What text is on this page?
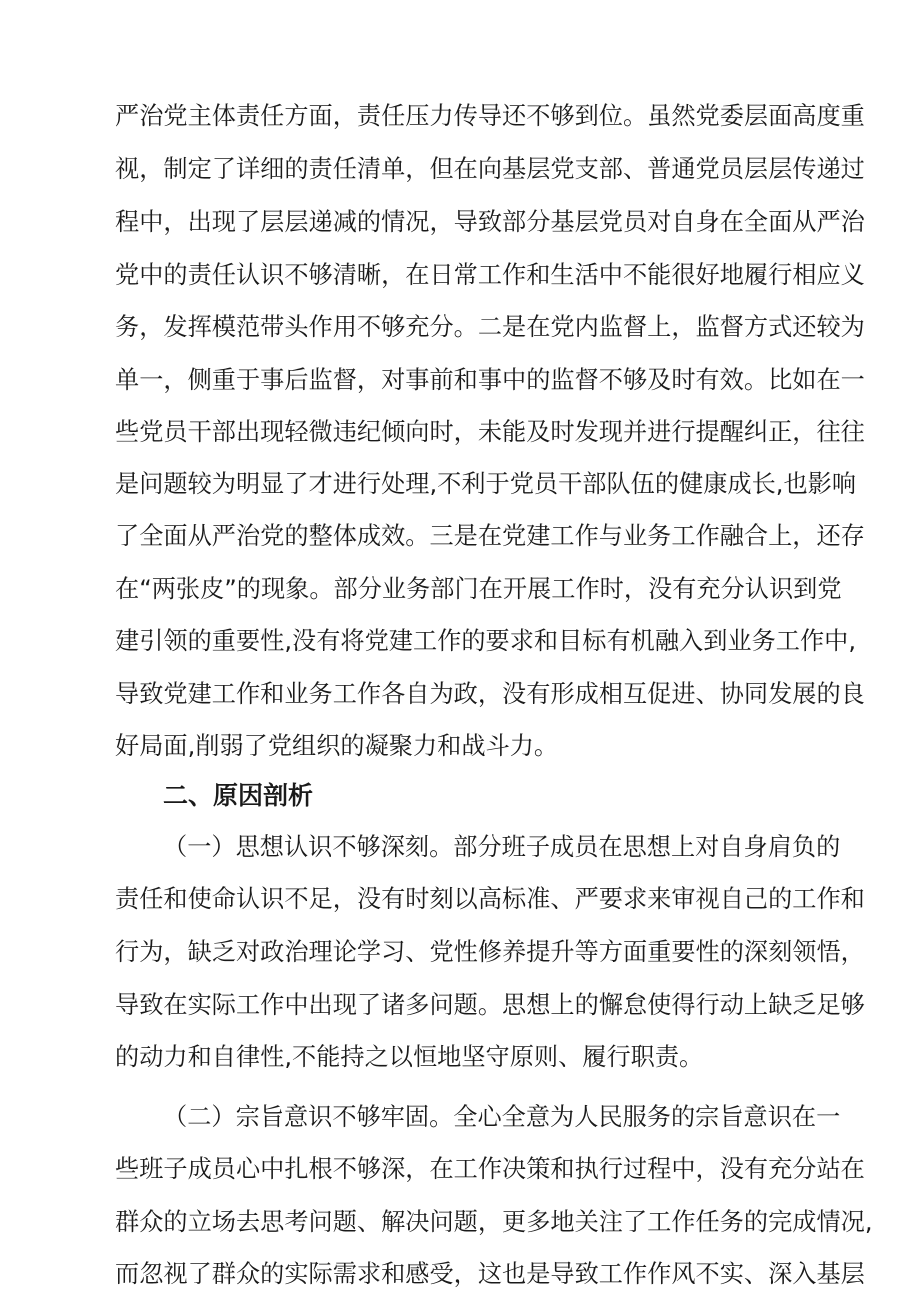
严治党主体责任方面，责任压力传导还不够到位。虽然党委层面高度重
视，制定了详细的责任清单，但在向基层党支部、普通党员层层传递过
程中，出现了层层递减的情况，导致部分基层党员对自身在全面从严治
党中的责任认识不够清晰，在日常工作和生活中不能很好地履行相应义
务，发挥模范带头作用不够充分。二是在党内监督上，监督方式还较为
单一，侧重于事后监督，对事前和事中的监督不够及时有效。比如在一
些党员干部出现轻微违纪倾向时，未能及时发现并进行提醒纠正，往往
是问题较为明显了才进行处理,不利于党员干部队伍的健康成长,也影响
了全面从严治党的整体成效。三是在党建工作与业务工作融合上，还存
在“两张皮”的现象。部分业务部门在开展工作时，没有充分认识到党
建引领的重要性,没有将党建工作的要求和目标有机融入到业务工作中,
导致党建工作和业务工作各自为政，没有形成相互促进、协同发展的良
好局面,削弱了党组织的凝聚力和战斗力。
二、原因剖析
（一）思想认识不够深刻。部分班子成员在思想上对自身肩负的
责任和使命认识不足，没有时刻以高标准、严要求来审视自己的工作和
行为，缺乏对政治理论学习、党性修养提升等方面重要性的深刻领悟，
导致在实际工作中出现了诸多问题。思想上的懈怠使得行动上缺乏足够
的动力和自律性,不能持之以恒地坚守原则、履行职责。
（二）宗旨意识不够牢固。全心全意为人民服务的宗旨意识在一
些班子成员心中扎根不够深，在工作决策和执行过程中，没有充分站在
群众的立场去思考问题、解决问题，更多地关注了工作任务的完成情况,
而忽视了群众的实际需求和感受，这也是导致工作作风不实、深入基层
